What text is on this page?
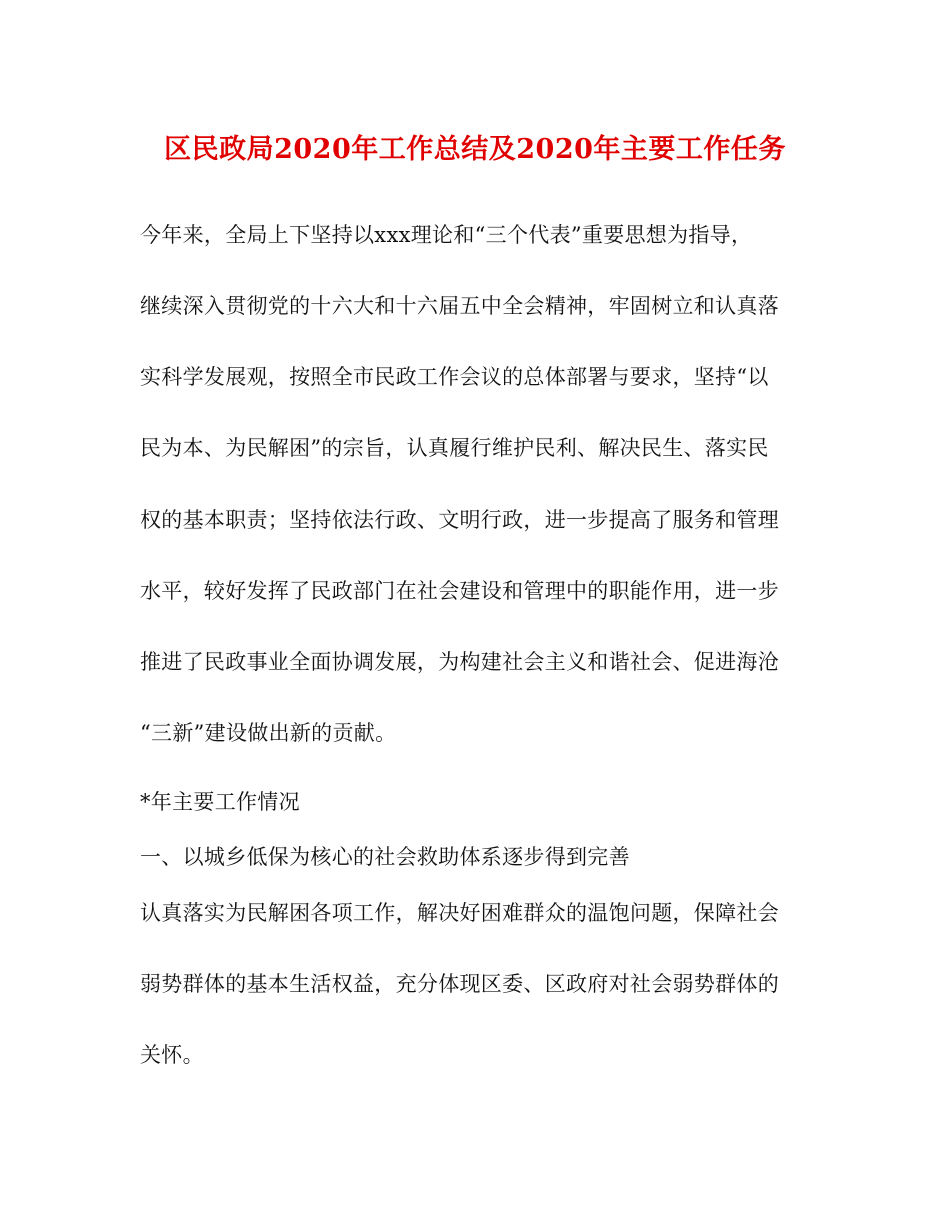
区民政局2020年工作总结及2020年主要工作任务
今年来，全局上下坚持以xxx理论和“三个代表”重要思想为指导，
继续深入贯彻党的十六大和十六届五中全会精神，牢固树立和认真落
实科学发展观，按照全市民政工作会议的总体部署与要求，坚持“以
民为本、为民解困”的宗旨，认真履行维护民利、解决民生、落实民
权的基本职责；坚持依法行政、文明行政，进一步提高了服务和管理
水平，较好发挥了民政部门在社会建设和管理中的职能作用，进一步
推进了民政事业全面协调发展，为构建社会主义和谐社会、促进海沧
“三新”建设做出新的贡献。
*年主要工作情况
一、以城乡低保为核心的社会救助体系逐步得到完善
认真落实为民解困各项工作，解决好困难群众的温饱问题，保障社会
弱势群体的基本生活权益，充分体现区委、区政府对社会弱势群体的
关怀。
